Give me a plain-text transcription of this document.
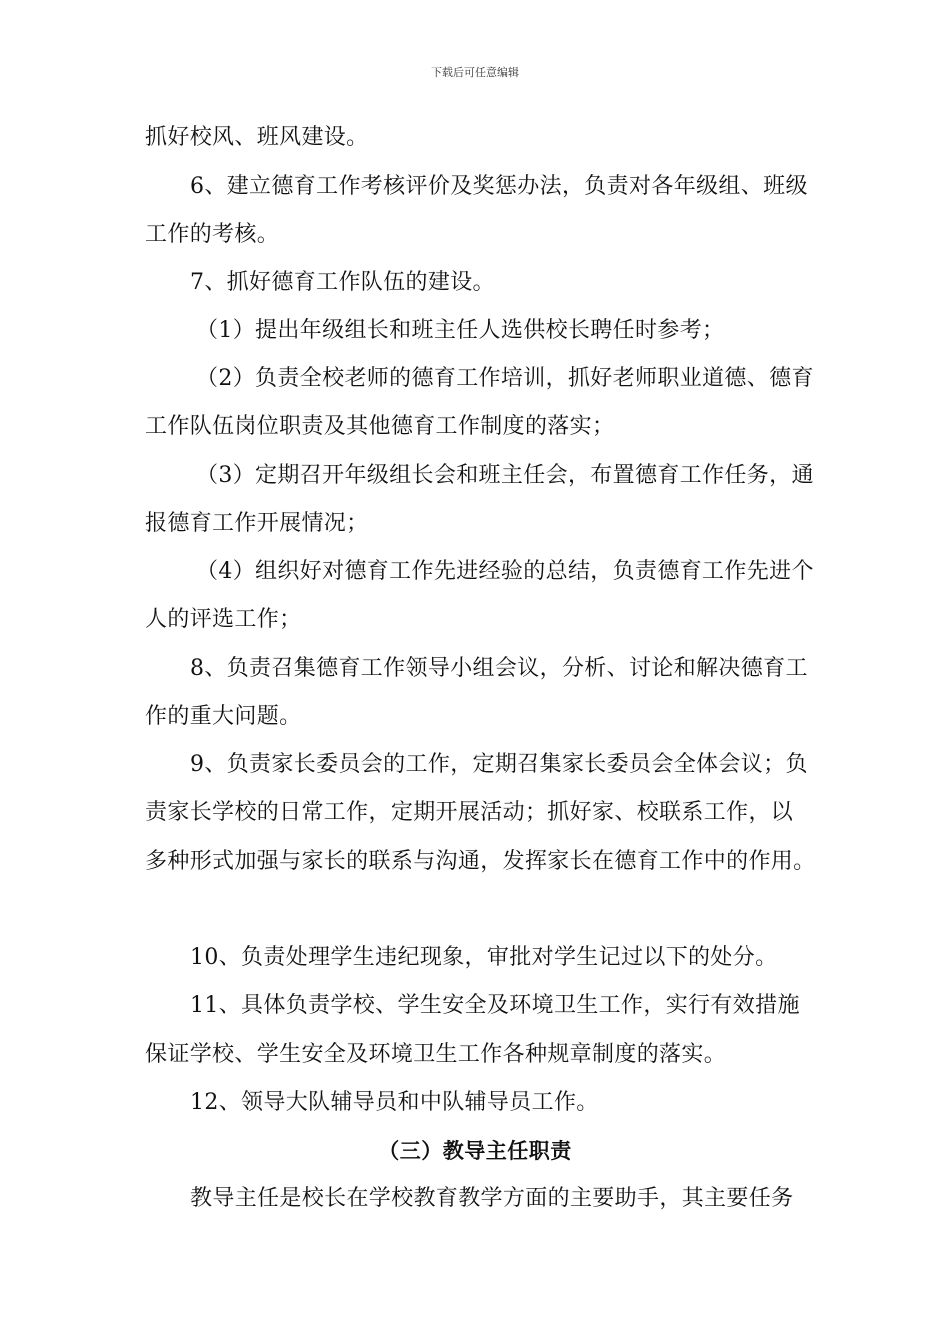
下载后可任意编辑
抓好校风、班风建设。
6、建立德育工作考核评价及奖惩办法，负责对各年级组、班级
工作的考核。
7、抓好德育工作队伍的建设。
（1）提出年级组长和班主任人选供校长聘任时参考；
（2）负责全校老师的德育工作培训，抓好老师职业道德、德育
工作队伍岗位职责及其他德育工作制度的落实；
（3）定期召开年级组长会和班主任会，布置德育工作任务，通
报德育工作开展情况；
（4）组织好对德育工作先进经验的总结，负责德育工作先进个
人的评选工作；
8、负责召集德育工作领导小组会议，分析、讨论和解决德育工
作的重大问题。
9、负责家长委员会的工作，定期召集家长委员会全体会议；负
责家长学校的日常工作，定期开展活动；抓好家、校联系工作，以
多种形式加强与家长的联系与沟通，发挥家长在德育工作中的作用。
10、负责处理学生违纪现象，审批对学生记过以下的处分。
11、具体负责学校、学生安全及环境卫生工作，实行有效措施
保证学校、学生安全及环境卫生工作各种规章制度的落实。
12、领导大队辅导员和中队辅导员工作。
（三）教导主任职责
教导主任是校长在学校教育教学方面的主要助手，其主要任务
